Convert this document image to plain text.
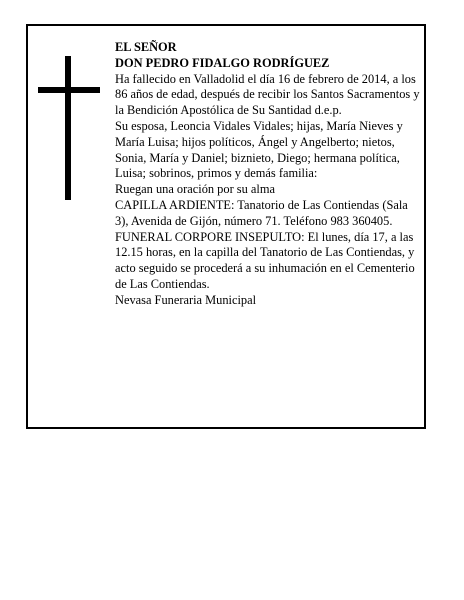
EL SEÑOR

DON PEDRO FIDALGO RODRÍGUEZ

Ha fallecido en Valladolid el día 16 de febrero de 2014, a los 86 años de edad, después de recibir los Santos Sacramentos y la Bendición Apostólica de Su Santidad d.e.p.

Su esposa, Leoncia Vidales Vidales; hijas, María Nieves y María Luisa; hijos políticos, Ángel y Angelberto; nietos, Sonia, María y Daniel; biznieto, Diego; hermana política, Luisa; sobrinos, primos y demás familia:

Ruegan una oración por su alma

CAPILLA ARDIENTE: Tanatorio de Las Contiendas (Sala 3), Avenida de Gijón, número 71. Teléfono 983 360405.

FUNERAL CORPORE INSEPULTO: El lunes, día 17, a las 12.15 horas, en la capilla del Tanatorio de Las Contiendas, y acto seguido se procederá a su inhumación en el Cementerio de Las Contiendas.

Nevasa Funeraria Municipal
